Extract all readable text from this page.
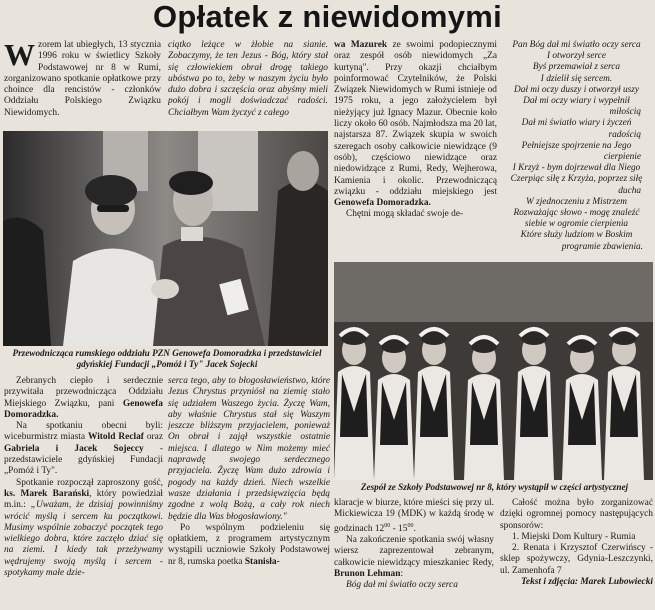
Opłatek z niewidomymi

Wzorem lat ubiegłych, 13 stycznia 1996 roku w świetlicy Szkoły Podstawowej nr 8 w Rumi, zorganizowano spotkanie opłatkowe przy choince dla rencistów - członków Oddziału Polskiego Związku Niewidomych.

ciątko leżące w żłobie na sianie. Zobaczymy, że ten Jezus - Bóg, który stał się człowiekiem obrał drogę takiego ubóstwa po to, żeby w naszym życiu było dużo dobra i szczęścia oraz abyśmy mieli pokój i mogli doświadczać radości. Chciałbym Wam życzyć z całego

wa Mazurek ze swoimi podopiecznymi oraz zespół osób niewidomych „Za kurtyną". Przy okazji chciałbym poinformować Czytelników, że Polski Związek Niewidomych w Rumi istnieje od 1975 roku, a jego założycielem był nieżyjący już Ignacy Mazur. Obecnie koło liczy około 60 osób. Najmłodsza ma 20 lat, najstarsza 87. Związek skupia w swoich szeregach osoby całkowicie niewidzące (9 osób), częściowo niewidzące oraz niedowidzące z Rumi, Redy, Wejherowa, Kamienia i okolic. Przewodniczącą związku - oddziału miejskiego jest Genowefa Domoradzka.

Chętni mogą składać swoje de-

Pan Bóg dał mi światło oczy serca
I otworzył serce
Byś przemawiał z serca
I dzielił się sercem.
Dał mi oczy duszy i otworzył uszy
Dał mi oczy wiary i wypełnił
miłością
Dał mi światło wiary i życzeń
radością
Pełniejsze spojrzenie na Jego
cierpienie
I Krzyż - bym dojrzewał dla Niego
Czerpiąc siłę z Krzyża, poprzez siłę
ducha
W zjednoczeniu z Mistrzem
Rozważając słowo - mogę znaleźć
siebie w ogromie cierpienia
Które służy ludziom w Boskim
programie zbawienia.
Przewodnicząca rumskiego oddziału PZN Genowefa Domoradzka i przedstawiciel gdyńskiej Fundacji „Pomóż i Ty" Jacek Sojecki
Zespół ze Szkoły Podstawowej nr 8, który wystąpił w części artystycznej

Zebranych ciepło i serdecznie przywitała przewodnicząca Oddziału Miejskiego Związku, pani Genowefa Domoradzka.

Na spotkaniu obecni byli: wiceburmistrz miasta Witold Reclaf oraz Gabriela i Jacek Sojeccy - przedstawiciele gdyńskiej Fundacji „Pomóż i Ty".

Spotkanie rozpoczął zaproszony gość, ks. Marek Barański, który powiedział m.in.: „Uważam, że dzisiaj powinniśmy wrócić myślą i sercem ku początkowi. Musimy wspólnie zobaczyć początek tego wielkiego dobra, które zaczęło dziać się na ziemi. I kiedy tak przeżywamy wędrujemy swoją myślą i sercem - spotykamy małe dzie-

serca tego, aby to błogosławieństwo, które Jezus Chrystus przyniósł na ziemię stało się udziałem Waszego życia. Życzę Wam, aby właśnie Chrystus stał się Waszym jeszcze bliższym przyjacielem, ponieważ On obrał i zajął wszystkie ostatnie miejsca. I dlatego w Nim możemy mieć naprawdę swojego serdecznego przyjaciela. Życzę Wam dużo zdrowia i pogody na każdy dzień. Niech wszelkie wasze działania i przedsięwzięcia będą zgodne z wolą Bożą, a cały rok niech będzie dla Was błogosławiony."

Po wspólnym podzieleniu się opłatkiem, z programem artystycznym wystąpili uczniowie Szkoły Podstawowej nr 8, rumska poetka Stanisła-

klaracje w biurze, które mieści się przy ul. Mickiewicza 19 (MDK) w każdą środę w godzinach $12^{00} - 15^{00}$.

Na zakończenie spotkania swój własny wiersz zaprezentował zebranym, całkowicie niewidzący mieszkaniec Redy, Brunon Lehman:

Bóg dał mi światło oczy serca

Całość można było zorganizować dzięki ogromnej pomocy następujących sponsorów:

1. Miejski Dom Kultury - Rumia

2. Renata i Krzysztof Czerwińscy - sklep spożywczy, Gdynia-Leszczynki, ul. Zamenhofa 7

Tekst i zdjęcia: Marek Lubowiecki
